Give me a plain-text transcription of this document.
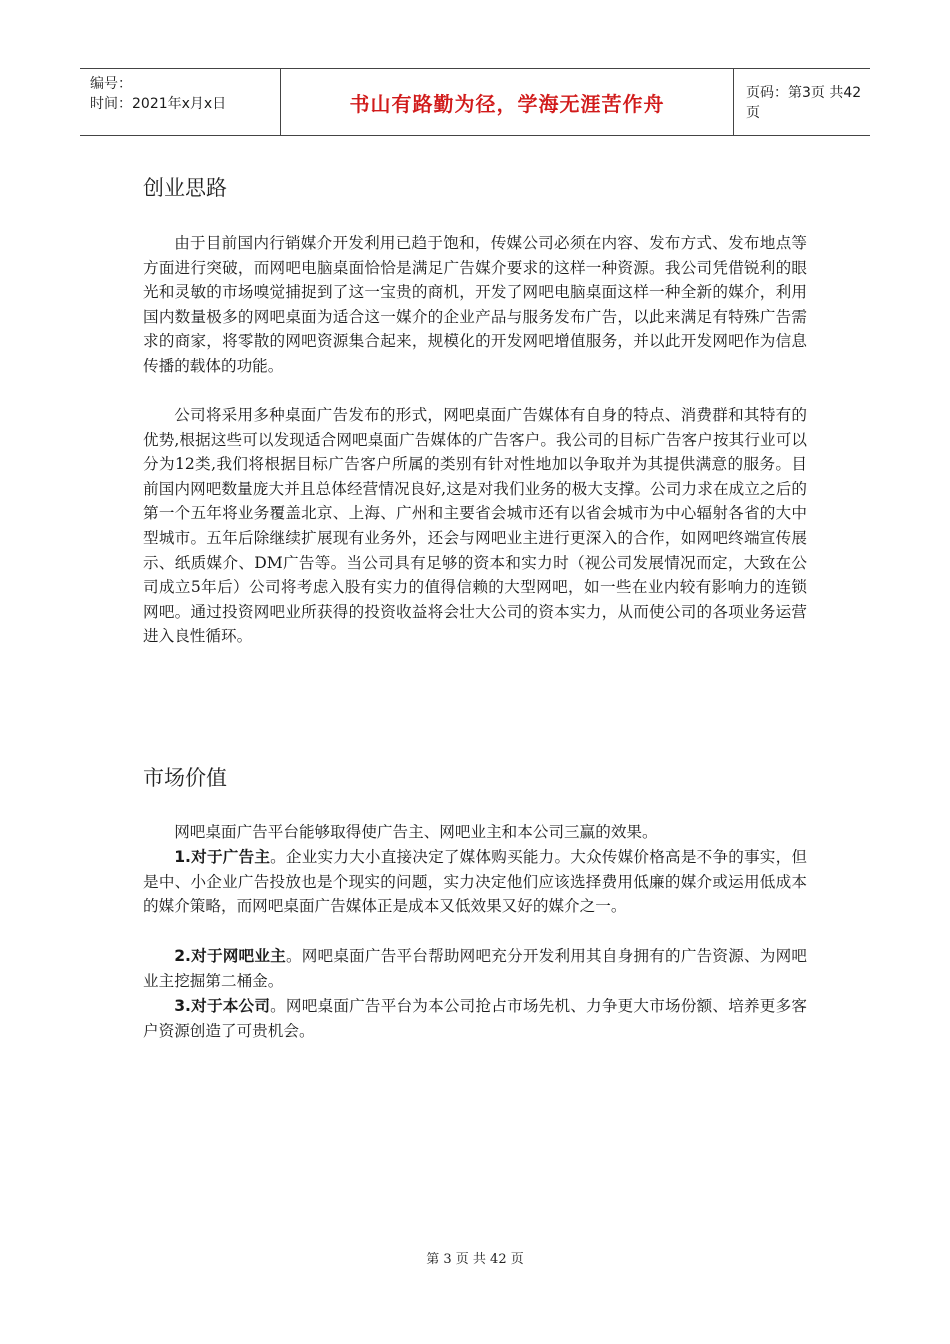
编号：
时间：2021年x月x日	书山有路勤为径，学海无涯苦作舟	页码：第3页 共42页
创业思路

由于目前国内行销媒介开发利用已趋于饱和，传媒公司必须在内容、发布方式、发布地点等方面进行突破，而网吧电脑桌面恰恰是满足广告媒介要求的这样一种资源。我公司凭借锐利的眼光和灵敏的市场嗅觉捕捉到了这一宝贵的商机，开发了网吧电脑桌面这样一种全新的媒介，利用国内数量极多的网吧桌面为适合这一媒介的企业产品与服务发布广告，以此来满足有特殊广告需求的商家，将零散的网吧资源集合起来，规模化的开发网吧增值服务，并以此开发网吧作为信息传播的载体的功能。

公司将采用多种桌面广告发布的形式，网吧桌面广告媒体有自身的特点、消费群和其特有的优势,根据这些可以发现适合网吧桌面广告媒体的广告客户。我公司的目标广告客户按其行业可以分为12类,我们将根据目标广告客户所属的类别有针对性地加以争取并为其提供满意的服务。目前国内网吧数量庞大并且总体经营情况良好,这是对我们业务的极大支撑。公司力求在成立之后的第一个五年将业务覆盖北京、上海、广州和主要省会城市还有以省会城市为中心辐射各省的大中型城市。五年后除继续扩展现有业务外，还会与网吧业主进行更深入的合作，如网吧终端宣传展示、纸质媒介、DM广告等。当公司具有足够的资本和实力时（视公司发展情况而定，大致在公司成立5年后）公司将考虑入股有实力的值得信赖的大型网吧，如一些在业内较有影响力的连锁网吧。通过投资网吧业所获得的投资收益将会壮大公司的资本实力，从而使公司的各项业务运营进入良性循环。

市场价值

网吧桌面广告平台能够取得使广告主、网吧业主和本公司三赢的效果。

1.对于广告主。企业实力大小直接决定了媒体购买能力。大众传媒价格高是不争的事实，但是中、小企业广告投放也是个现实的问题，实力决定他们应该选择费用低廉的媒介或运用低成本的媒介策略，而网吧桌面广告媒体正是成本又低效果又好的媒介之一。

2.对于网吧业主。网吧桌面广告平台帮助网吧充分开发利用其自身拥有的广告资源、为网吧业主挖掘第二桶金。

3.对于本公司。网吧桌面广告平台为本公司抢占市场先机、力争更大市场份额、培养更多客户资源创造了可贵机会。

第 3 页 共 42 页
